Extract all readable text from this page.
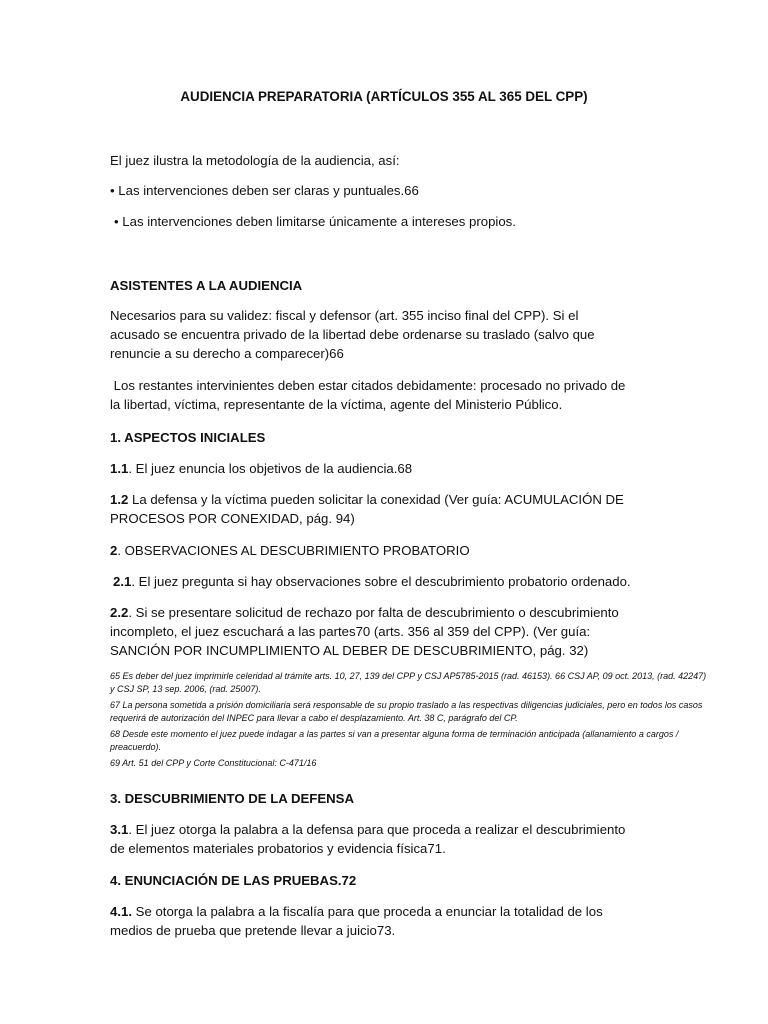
AUDIENCIA PREPARATORIA (ARTÍCULOS 355 AL 365 DEL CPP)

El juez ilustra la metodología de la audiencia, así:

• Las intervenciones deben ser claras y puntuales.66

• Las intervenciones deben limitarse únicamente a intereses propios.

ASISTENTES A LA AUDIENCIA

Necesarios para su validez: fiscal y defensor (art. 355 inciso final del CPP). Si el acusado se encuentra privado de la libertad debe ordenarse su traslado (salvo que renuncie a su derecho a comparecer)66

Los restantes intervinientes deben estar citados debidamente: procesado no privado de la libertad, víctima, representante de la víctima, agente del Ministerio Público.

1. ASPECTOS INICIALES

1.1. El juez enuncia los objetivos de la audiencia.68

1.2 La defensa y la víctima pueden solicitar la conexidad (Ver guía: ACUMULACIÓN DE PROCESOS POR CONEXIDAD, pág. 94)

2. OBSERVACIONES AL DESCUBRIMIENTO PROBATORIO

2.1. El juez pregunta si hay observaciones sobre el descubrimiento probatorio ordenado.

2.2. Si se presentare solicitud de rechazo por falta de descubrimiento o descubrimiento incompleto, el juez escuchará a las partes70 (arts. 356 al 359 del CPP). (Ver guía: SANCIÓN POR INCUMPLIMIENTO AL DEBER DE DESCUBRIMIENTO, pág. 32)

65 Es deber del juez imprimirle celeridad al trámite arts. 10, 27, 139 del CPP y CSJ AP5785-2015 (rad. 46153). 66 CSJ AP, 09 oct. 2013, (rad. 42247) y CSJ SP, 13 sep. 2006, (rad. 25007).

67 La persona sometida a prisión domiciliaria será responsable de su propio traslado a las respectivas diligencias judiciales, pero en todos los casos requerirá de autorización del INPEC para llevar a cabo el desplazamiento. Art. 38 C, parágrafo del CP.

68 Desde este momento el juez puede indagar a las partes si van a presentar alguna forma de terminación anticipada (allanamiento a cargos / preacuerdo).

69 Art. 51 del CPP y Corte Constitucional: C-471/16

3. DESCUBRIMIENTO DE LA DEFENSA

3.1. El juez otorga la palabra a la defensa para que proceda a realizar el descubrimiento de elementos materiales probatorios y evidencia física71.

4. ENUNCIACIÓN DE LAS PRUEBAS.72

4.1. Se otorga la palabra a la fiscalía para que proceda a enunciar la totalidad de los medios de prueba que pretende llevar a juicio73.
